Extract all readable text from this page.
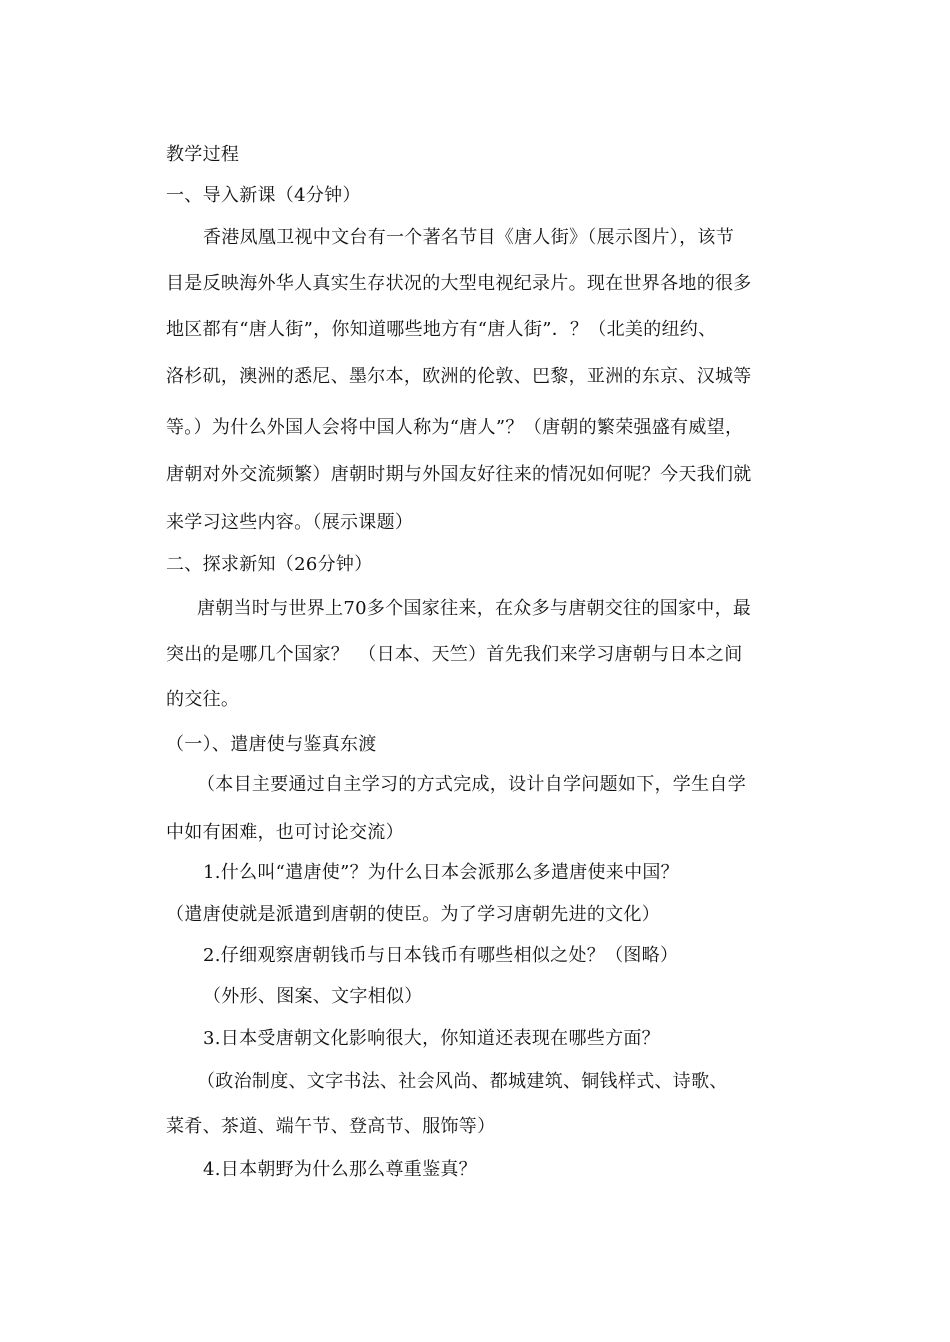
教学过程
一、导入新课（4分钟）
香港凤凰卫视中文台有一个著名节目《唐人街》（展示图片），该节
目是反映海外华人真实生存状况的大型电视纪录片。现在世界各地的很多
地区都有“唐人街”，你知道哪些地方有“唐人街”．？（北美的纽约、
洛杉矶，澳洲的悉尼、墨尔本，欧洲的伦敦、巴黎，亚洲的东京、汉城等
等。）为什么外国人会将中国人称为“唐人”？（唐朝的繁荣强盛有威望，
唐朝对外交流频繁）唐朝时期与外国友好往来的情况如何呢？今天我们就
来学习这些内容。（展示课题）
二、探求新知（26分钟）
唐朝当时与世界上70多个国家往来，在众多与唐朝交往的国家中，最
突出的是哪几个国家？　（日本、天竺）首先我们来学习唐朝与日本之间
的交往。
（一）、遣唐使与鉴真东渡
（本目主要通过自主学习的方式完成，设计自学问题如下，学生自学
中如有困难，也可讨论交流）
1.什么叫“遣唐使”？为什么日本会派那么多遣唐使来中国？
（遣唐使就是派遣到唐朝的使臣。为了学习唐朝先进的文化）
2.仔细观察唐朝钱币与日本钱币有哪些相似之处？（图略）
（外形、图案、文字相似）
3.日本受唐朝文化影响很大，你知道还表现在哪些方面？
（政治制度、文字书法、社会风尚、都城建筑、铜钱样式、诗歌、
菜肴、茶道、端午节、登高节、服饰等）
4.日本朝野为什么那么尊重鉴真？
